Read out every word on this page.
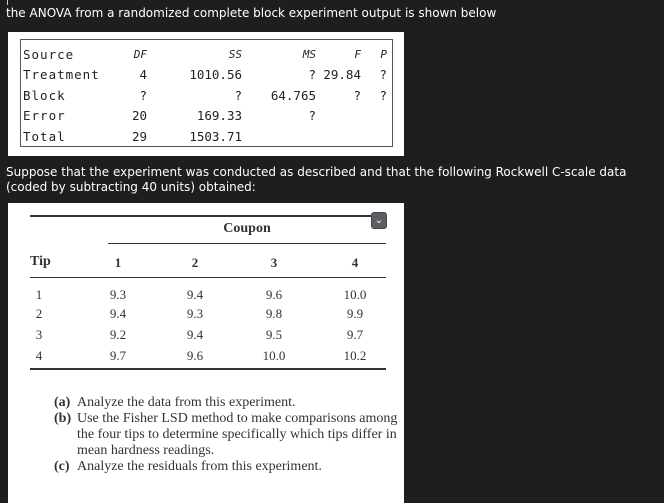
the ANOVA from a randomized complete block experiment output is shown below
Source	DF	SS	MS	F	P
Treatment	4	1010.56	?	29.84	?
Block	?	?	64.765	?	?
Error	20	169.33	?		
Total	29	1503.71			
Suppose that the experiment was conducted as described and that the following Rockwell C-scale data (coded by subtracting 40 units) obtained:
⌄
Coupon
Tip	1	2	3	4
1	9.3	9.4	9.6	10.0
2	9.4	9.3	9.8	9.9
3	9.2	9.4	9.5	9.7
4	9.7	9.6	10.0	10.2
(a) Analyze the data from this experiment.
(b) Use the Fisher LSD method to make comparisons among the four tips to determine specifically which tips differ in mean hardness readings.
(c) Analyze the residuals from this experiment.
